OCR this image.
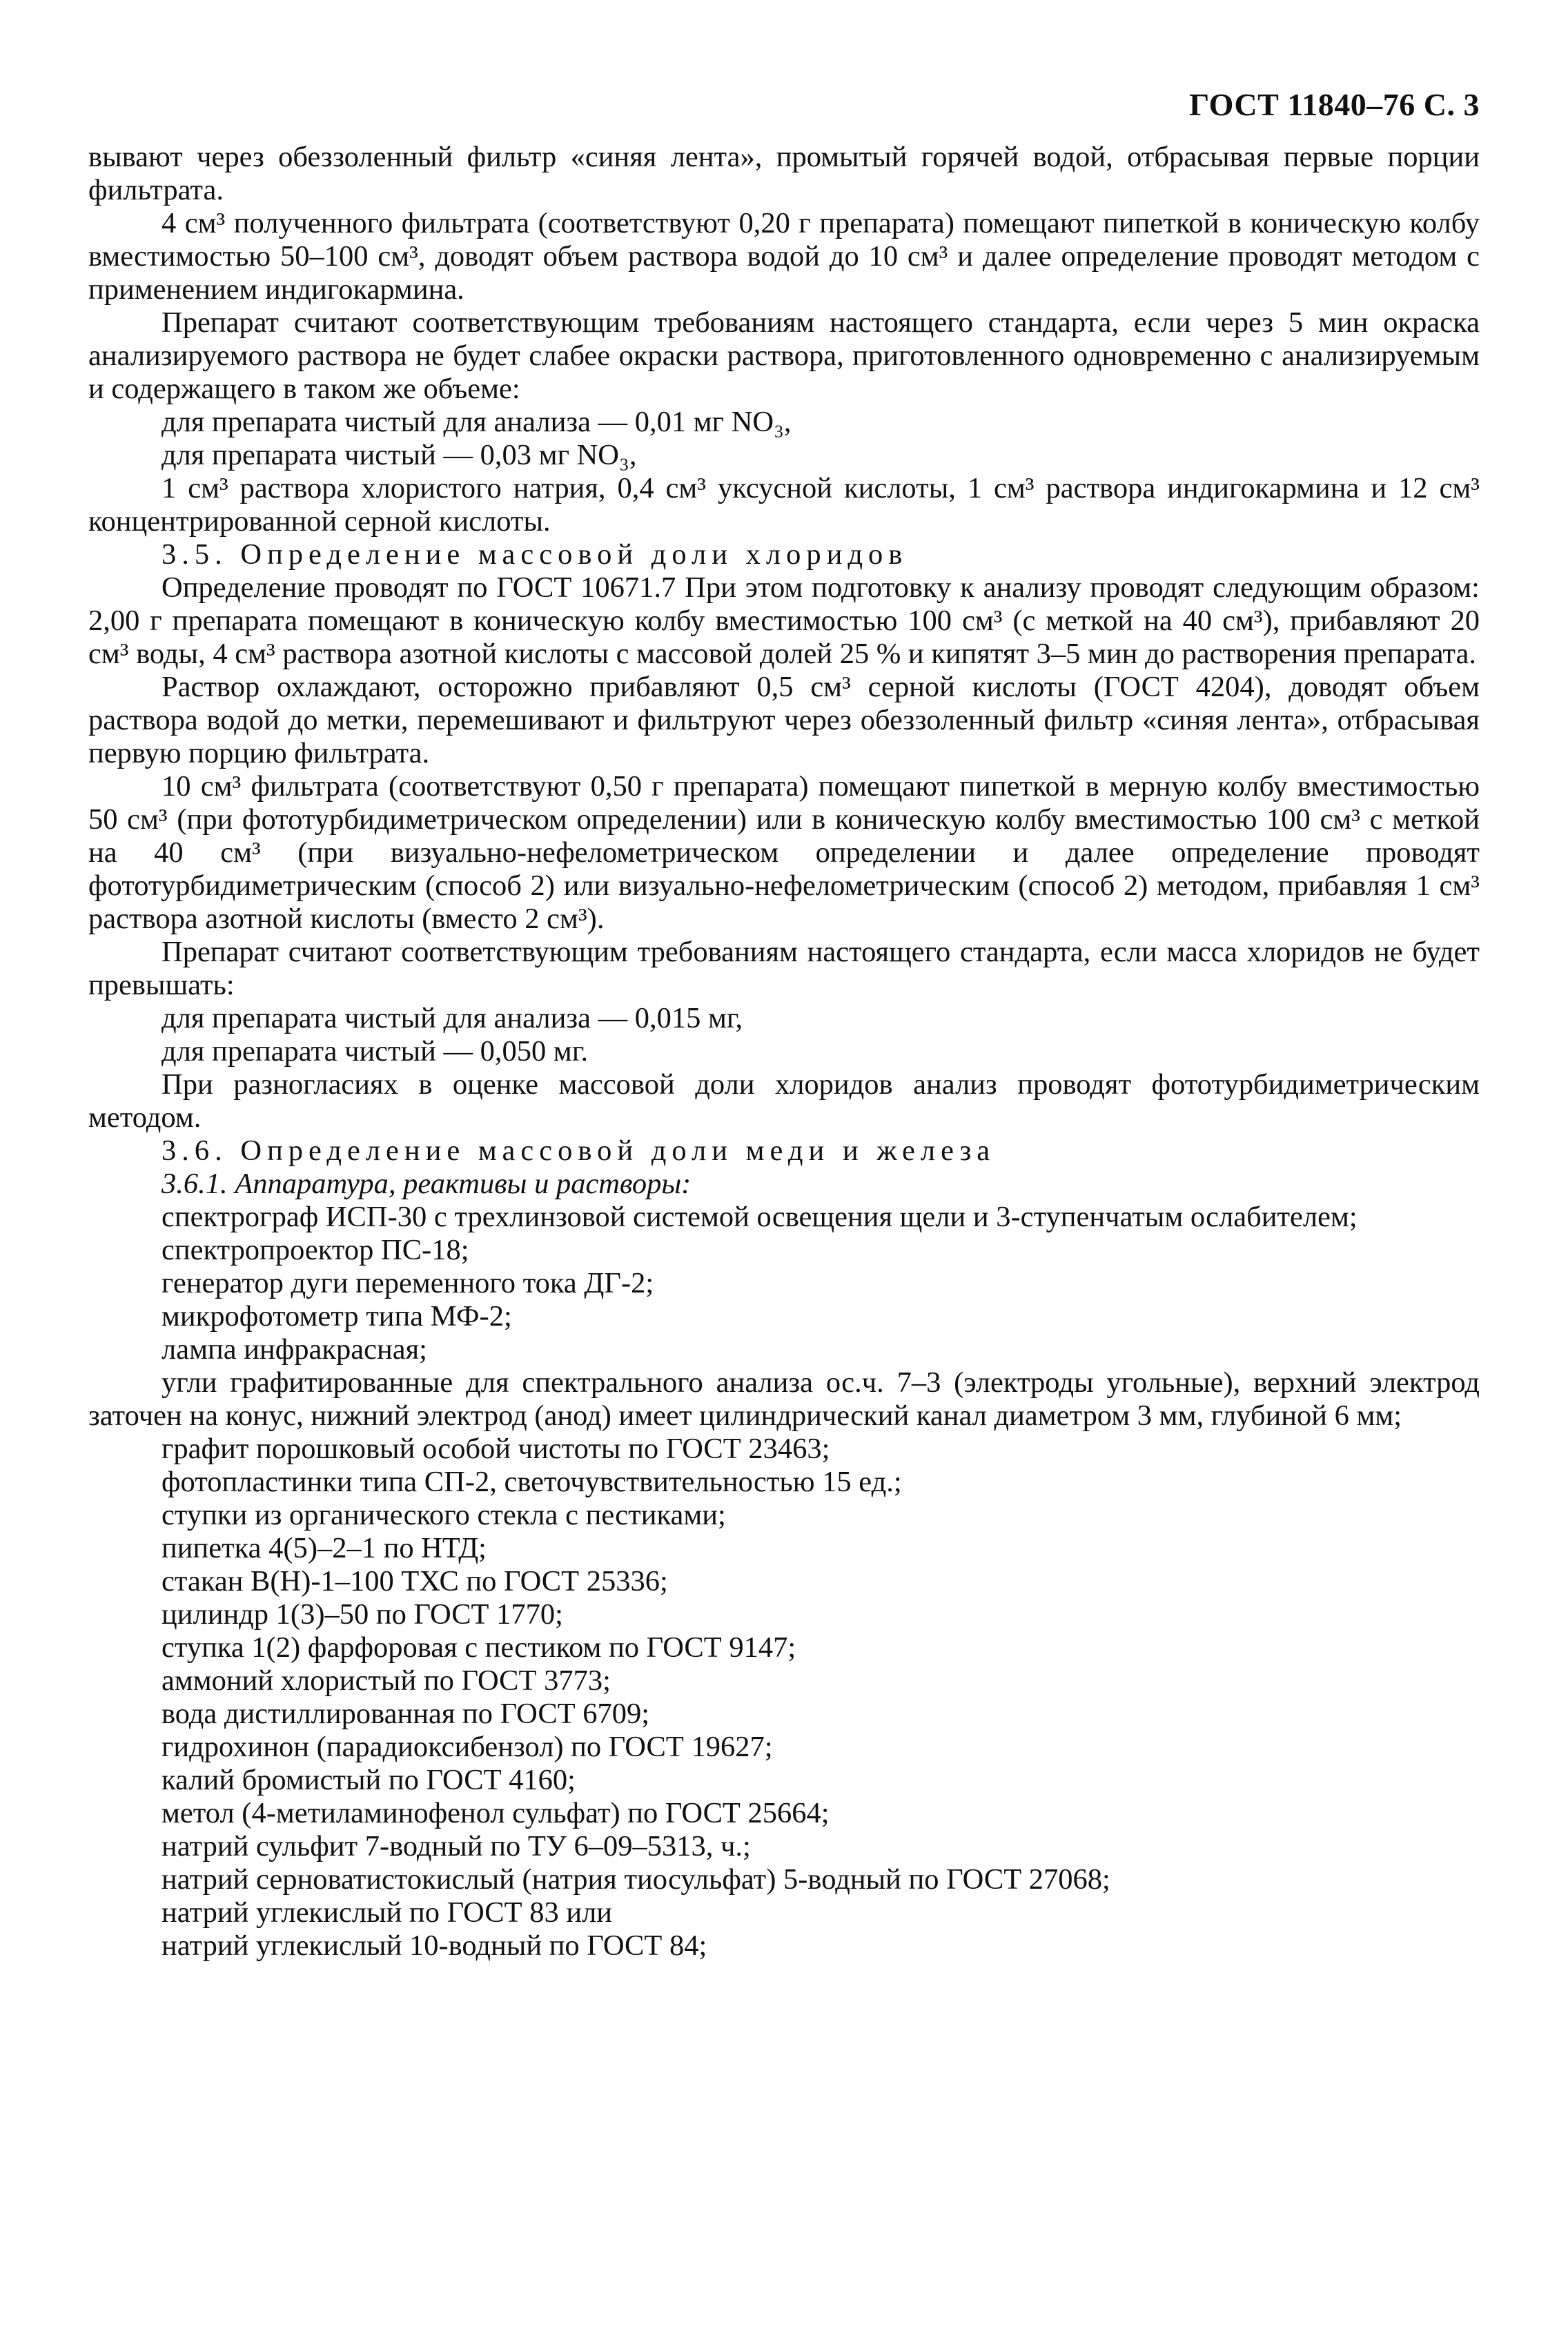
ГОСТ 11840–76 С. 3

вывают через обеззоленный фильтр «синяя лента», промытый горячей водой, отбрасывая первые порции фильтрата.

4 см³ полученного фильтрата (соответствуют 0,20 г препарата) помещают пипеткой в коническую колбу вместимостью 50–100 см³, доводят объем раствора водой до 10 см³ и далее определение проводят методом с применением индигокармина.

Препарат считают соответствующим требованиям настоящего стандарта, если через 5 мин окраска анализируемого раствора не будет слабее окраски раствора, приготовленного одновременно с анализируемым и содержащего в таком же объеме:

для препарата чистый для анализа — 0,01 мг NO₃,

для препарата чистый — 0,03 мг NO₃,

1 см³ раствора хлористого натрия, 0,4 см³ уксусной кислоты, 1 см³ раствора индигокармина и 12 см³ концентрированной серной кислоты.

3.5. Определение массовой доли хлоридов

Определение проводят по ГОСТ 10671.7 При этом подготовку к анализу проводят следующим образом: 2,00 г препарата помещают в коническую колбу вместимостью 100 см³ (с меткой на 40 см³), прибавляют 20 см³ воды, 4 см³ раствора азотной кислоты с массовой долей 25 % и кипятят 3–5 мин до растворения препарата.

Раствор охлаждают, осторожно прибавляют 0,5 см³ серной кислоты (ГОСТ 4204), доводят объем раствора водой до метки, перемешивают и фильтруют через обеззоленный фильтр «синяя лента», отбрасывая первую порцию фильтрата.

10 см³ фильтрата (соответствуют 0,50 г препарата) помещают пипеткой в мерную колбу вместимостью 50 см³ (при фототурбидиметрическом определении) или в коническую колбу вместимостью 100 см³ с меткой на 40 см³ (при визуально-нефелометрическом определении и далее определение проводят фототурбидиметрическим (способ 2) или визуально-нефелометрическим (способ 2) методом, прибавляя 1 см³ раствора азотной кислоты (вместо 2 см³).

Препарат считают соответствующим требованиям настоящего стандарта, если масса хлоридов не будет превышать:

для препарата чистый для анализа — 0,015 мг,

для препарата чистый — 0,050 мг.

При разногласиях в оценке массовой доли хлоридов анализ проводят фототурбидиметрическим методом.

3.6. Определение массовой доли меди и железа

3.6.1. Аппаратура, реактивы и растворы:

спектрограф ИСП-30 с трехлинзовой системой освещения щели и 3-ступенчатым ослабителем;

спектропроектор ПС-18;

генератор дуги переменного тока ДГ-2;

микрофотометр типа МФ-2;

лампа инфракрасная;

угли графитированные для спектрального анализа ос.ч. 7–3 (электроды угольные), верхний электрод заточен на конус, нижний электрод (анод) имеет цилиндрический канал диаметром 3 мм, глубиной 6 мм;

графит порошковый особой чистоты по ГОСТ 23463;

фотопластинки типа СП-2, светочувствительностью 15 ед.;

ступки из органического стекла с пестиками;

пипетка 4(5)–2–1 по НТД;

стакан В(Н)-1–100 ТХС по ГОСТ 25336;

цилиндр 1(3)–50 по ГОСТ 1770;

ступка 1(2) фарфоровая с пестиком по ГОСТ 9147;

аммоний хлористый по ГОСТ 3773;

вода дистиллированная по ГОСТ 6709;

гидрохинон (парадиоксибензол) по ГОСТ 19627;

калий бромистый по ГОСТ 4160;

метол (4-метиламинофенол сульфат) по ГОСТ 25664;

натрий сульфит 7-водный по ТУ 6–09–5313, ч.;

натрий серноватистокислый (натрия тиосульфат) 5-водный по ГОСТ 27068;

натрий углекислый по ГОСТ 83 или

натрий углекислый 10-водный по ГОСТ 84;
